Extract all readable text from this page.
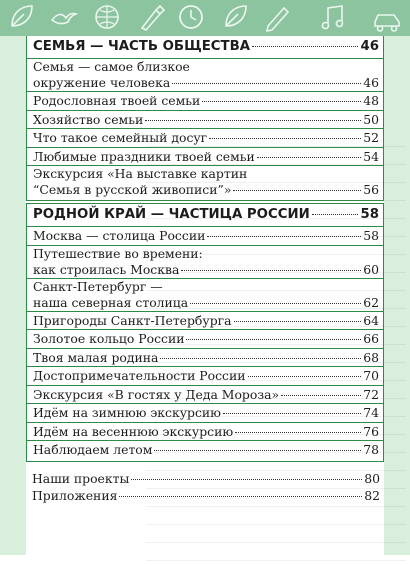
СЕМЬЯ — ЧАСТЬ ОБЩЕСТВА	46
Семья — самое близкое
окружение человека	46
Родословная твоей семьи	48
Хозяйство семьи	50
Что такое семейный досуг	52
Любимые праздники твоей семьи	54
Экскурсия «На выставке картин
“Семья в русской живописи”»	56
РОДНОЙ КРАЙ — ЧАСТИЦА РОССИИ	58
Москва — столица России	58
Путешествие во времени:
как строилась Москва	60
Санкт-Петербург —
наша северная столица	62
Пригороды Санкт-Петербурга	64
Золотое кольцо России	66
Твоя малая родина	68
Достопримечательности России	70
Экскурсия «В гостях у Деда Мороза»	72
Идём на зимнюю экскурсию	74
Идём на весеннюю экскурсию	76
Наблюдаем летом	78
Наши проекты	80
Приложения	82
